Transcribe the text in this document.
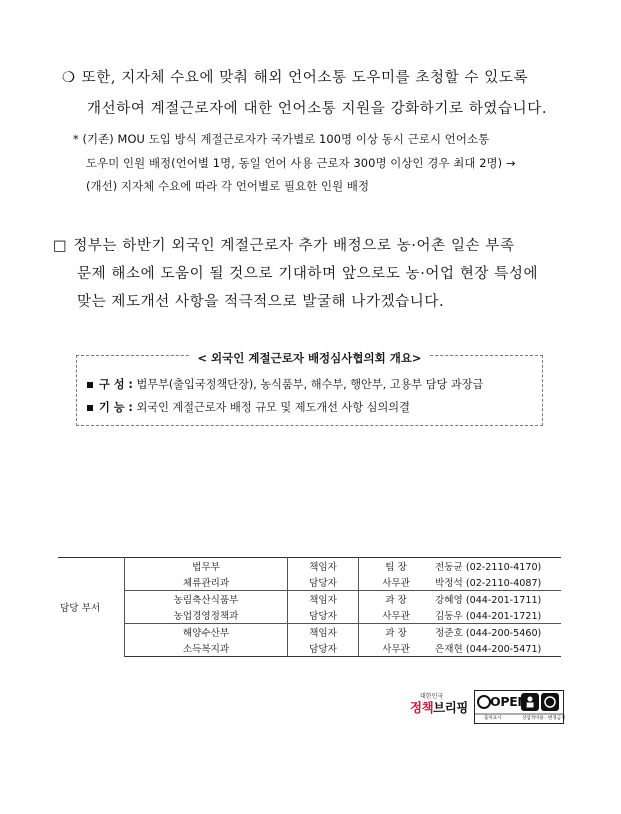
❍ 또한, 지자체 수요에 맞춰 해외 언어소통 도우미를 초청할 수 있도록
개선하여 계절근로자에 대한 언어소통 지원을 강화하기로 하였습니다.
* (기존) MOU 도입 방식 계절근로자가 국가별로 100명 이상 동시 근로시 언어소통
도우미 인원 배정(언어별 1명, 동일 언어 사용 근로자 300명 이상인 경우 최대 2명) →
(개선) 지자체 수요에 따라 각 언어별로 필요한 인원 배정
□ 정부는 하반기 외국인 계절근로자 추가 배정으로 농·어촌 일손 부족
문제 해소에 도움이 될 것으로 기대하며 앞으로도 농·어업 현장 특성에
맞는 제도개선 사항을 적극적으로 발굴해 나가겠습니다.
< 외국인 계절근로자 배정심사협의회 개요>
구 성 : 법무부(출입국정책단장), 농식품부, 해수부, 행안부, 고용부 담당 과장급
기 능 : 외국인 계절근로자 배정 규모 및 제도개선 사항 심의의결
담당 부서	법무부	책임자	팀 장	전동균 (02-2110-4170)
	체류관리과	담당자	사무관	박정석 (02-2110-4087)
	농림축산식품부	책임자	과 장	강혜영 (044-201-1711)
	농업경영정책과	담당자	사무관	김동우 (044-201-1721)
	해양수산부	책임자	과 장	정준호 (044-200-5460)
	소득복지과	담당자	사무관	은재현 (044-200-5471)
대한민국
정책브리핑 OPEN
출처표시	상업적이용 · 변경금지
